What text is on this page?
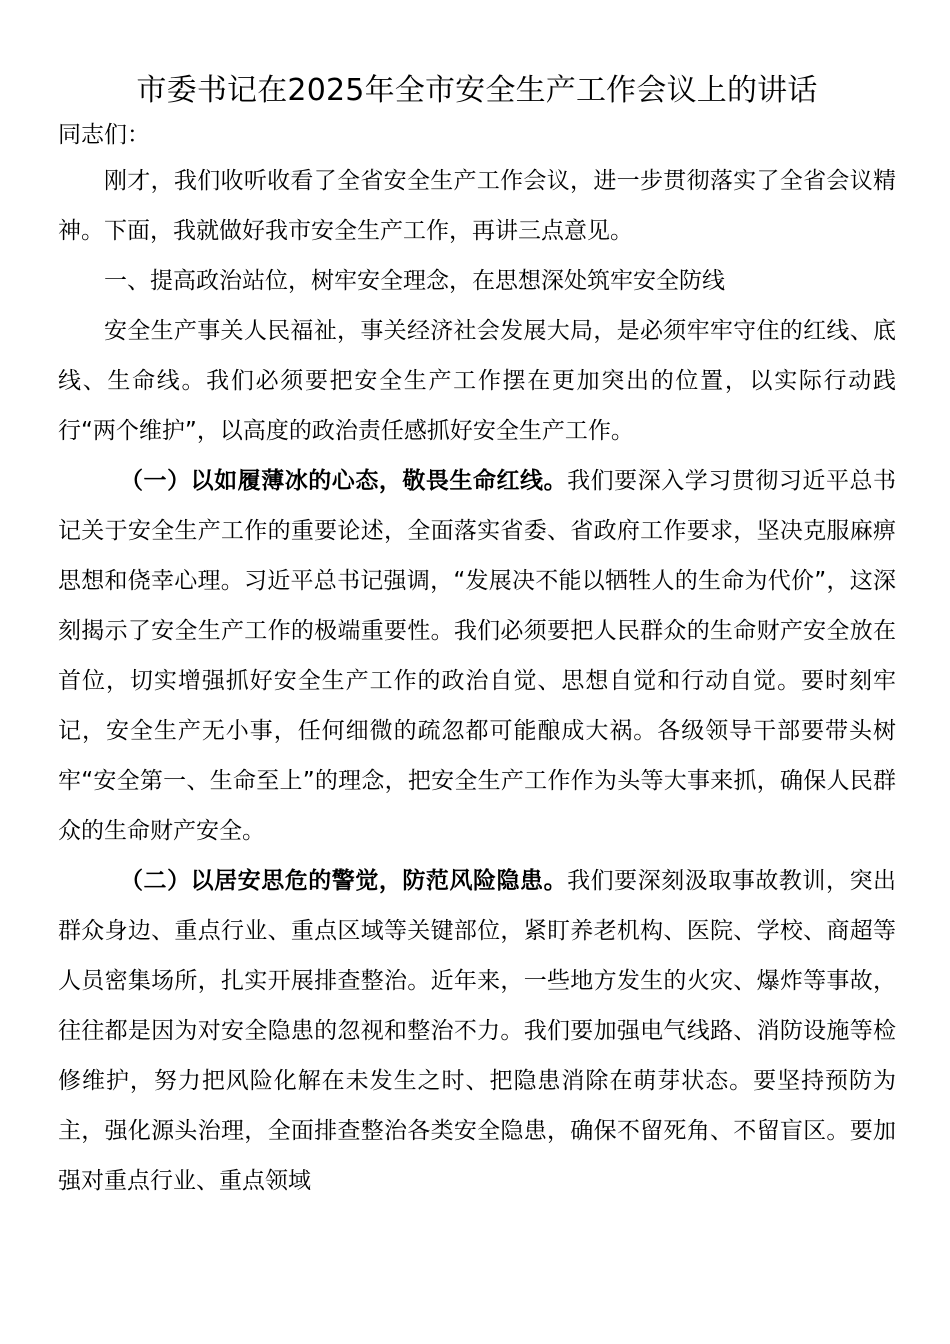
市委书记在2025年全市安全生产工作会议上的讲话

同志们：

刚才，我们收听收看了全省安全生产工作会议，进一步贯彻落实了全省会议精神。下面，我就做好我市安全生产工作，再讲三点意见。

一、提高政治站位，树牢安全理念，在思想深处筑牢安全防线

安全生产事关人民福祉，事关经济社会发展大局，是必须牢牢守住的红线、底线、生命线。我们必须要把安全生产工作摆在更加突出的位置，以实际行动践行“两个维护”，以高度的政治责任感抓好安全生产工作。

（一）以如履薄冰的心态，敬畏生命红线。我们要深入学习贯彻习近平总书记关于安全生产工作的重要论述，全面落实省委、省政府工作要求，坚决克服麻痹思想和侥幸心理。习近平总书记强调，“发展决不能以牺牲人的生命为代价”，这深刻揭示了安全生产工作的极端重要性。我们必须要把人民群众的生命财产安全放在首位，切实增强抓好安全生产工作的政治自觉、思想自觉和行动自觉。要时刻牢记，安全生产无小事，任何细微的疏忽都可能酿成大祸。各级领导干部要带头树牢“安全第一、生命至上”的理念，把安全生产工作作为头等大事来抓，确保人民群众的生命财产安全。

（二）以居安思危的警觉，防范风险隐患。我们要深刻汲取事故教训，突出群众身边、重点行业、重点区域等关键部位，紧盯养老机构、医院、学校、商超等人员密集场所，扎实开展排查整治。近年来，一些地方发生的火灾、爆炸等事故，往往都是因为对安全隐患的忽视和整治不力。我们要加强电气线路、消防设施等检修维护，努力把风险化解在未发生之时、把隐患消除在萌芽状态。要坚持预防为主，强化源头治理，全面排查整治各类安全隐患，确保不留死角、不留盲区。要加强对重点行业、重点领域
